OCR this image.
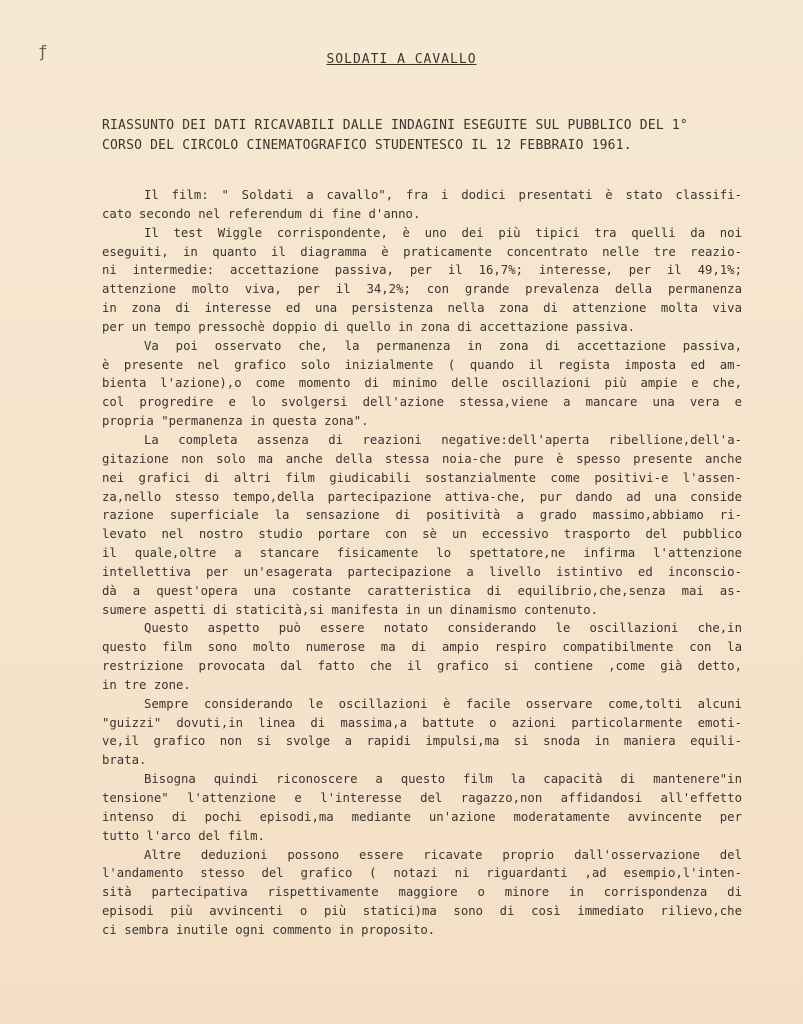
ƒ	SOLDATI A CAVALLO
RIASSUNTO DEI DATI RICAVABILI DALLE INDAGINI ESEGUITE SUL PUBBLICO DEL 1°
CORSO DEL CIRCOLO CINEMATOGRAFICO STUDENTESCO IL 12 FEBBRAIO 1961.
Il film: " Soldati a cavallo", fra i dodici presentati è stato classifi-
cato secondo nel referendum di fine d'anno.
Il test Wiggle corrispondente, è uno dei più tipici tra quelli da noi
eseguiti, in quanto il diagramma è praticamente concentrato nelle tre reazio-
ni intermedie: accettazione passiva, per il 16,7%; interesse, per il 49,1%;
attenzione molto viva, per il 34,2%; con grande prevalenza della permanenza
in zona di interesse ed una persistenza nella zona di attenzione molta viva
per un tempo pressochè doppio di quello in zona di accettazione passiva.
Va poi osservato che, la permanenza in zona di accettazione passiva,
è presente nel grafico solo inizialmente ( quando il regista imposta ed am-
bienta l'azione),o come momento di minimo delle oscillazioni più ampie e che,
col progredire e lo svolgersi dell'azione stessa,viene a mancare una vera e
propria "permanenza in questa zona".
La completa assenza di reazioni negative:dell'aperta ribellione,dell'a-
gitazione non solo ma anche della stessa noia-che pure è spesso presente anche
nei grafici di altri film giudicabili sostanzialmente come positivi-e l'assen-
za,nello stesso tempo,della partecipazione attiva-che, pur dando ad una conside
razione superficiale la sensazione di positività a grado massimo,abbiamo ri-
levato nel nostro studio portare con sè un eccessivo trasporto del pubblico
il quale,oltre a stancare fisicamente lo spettatore,ne infirma l'attenzione
intellettiva per un'esagerata partecipazione a livello istintivo ed inconscio-
dà a quest'opera una costante caratteristica di equilibrio,che,senza mai as-
sumere aspetti di staticità,si manifesta in un dinamismo contenuto.
Questo aspetto può essere notato considerando le oscillazioni che,in
questo film sono molto numerose ma di ampio respiro compatibilmente con la
restrizione provocata dal fatto che il grafico si contiene ,come già detto,
in tre zone.
Sempre considerando le oscillazioni è facile osservare come,tolti alcuni
"guizzi" dovuti,in linea di massima,a battute o azioni particolarmente emoti-
ve,il grafico non si svolge a rapidi impulsi,ma si snoda in maniera equili-
brata.
Bisogna quindi riconoscere a questo film la capacità di mantenere"in
tensione" l'attenzione e l'interesse del ragazzo,non affidandosi all'effetto
intenso di pochi episodi,ma mediante un'azione moderatamente avvincente per
tutto l'arco del film.
Altre deduzioni possono essere ricavate proprio dall'osservazione del
l'andamento stesso del grafico ( notazi ni riguardanti ,ad esempio,l'inten-
sità partecipativa rispettivamente maggiore o minore in corrispondenza di
episodi più avvincenti o più statici)ma sono di così immediato rilievo,che
ci sembra inutile ogni commento in proposito.
